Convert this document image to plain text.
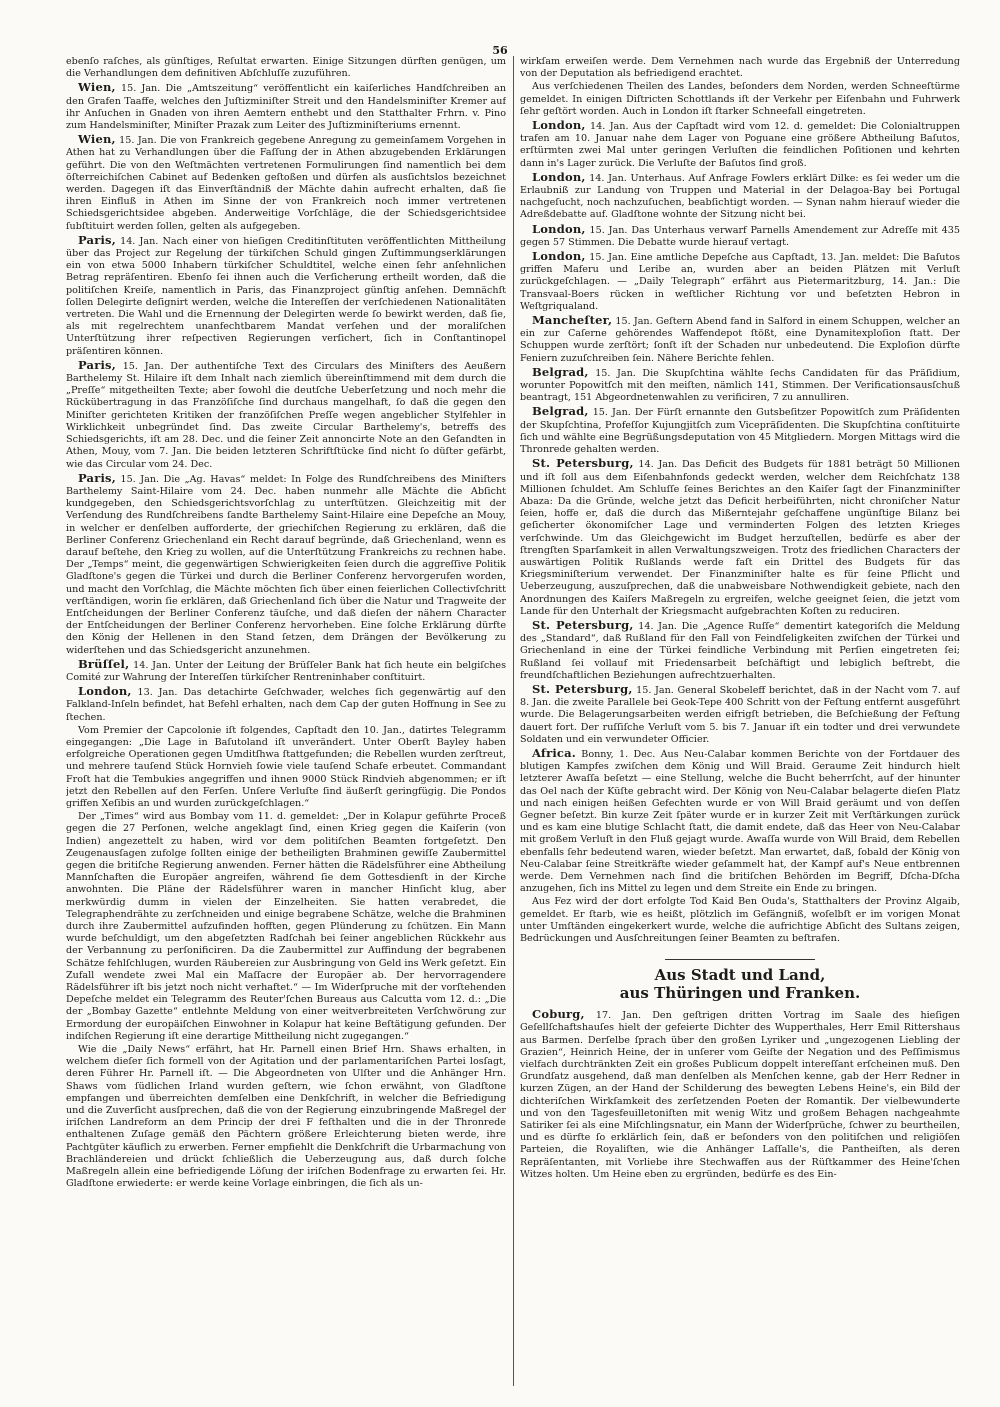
56

ebenſo raſches, als günſtiges, Reſultat erwarten. Einige Sitzungen dürften genügen, um die Verhandlungen dem definitiven Abſchluſſe zuzuführen.

Wien, 15. Jan. Die „Amtszeitung“ veröffentlicht ein kaiſerliches Handſchreiben an den Grafen Taaffe, welches den Juſtizminiſter Streit und den Handelsminiſter Kremer auf ihr Anſuchen in Gnaden von ihren Aemtern enthebt und den Statthalter Frhrn. v. Pino zum Handelsminiſter, Miniſter Prazak zum Leiter des Juſtizminiſteriums ernennt.

Wien, 15. Jan. Die von Frankreich gegebene Anregung zu gemeinſamem Vorgehen in Athen hat zu Verhandlungen über die Faſſung der in Athen abzugebenden Erklärungen geführt. Die von den Weſtmächten vertretenen Formulirungen ſind namentlich bei dem öſterreichiſchen Cabinet auf Bedenken geſtoßen und dürfen als ausſichtslos bezeichnet werden. Dagegen iſt das Einverſtändniß der Mächte dahin aufrecht erhalten, daß ſie ihren Einfluß in Athen im Sinne der von Frankreich noch immer vertretenen Schiedsgerichtsidee abgeben. Anderweitige Vorſchläge, die der Schiedsgerichtsidee ſubſtituirt werden ſollen, gelten als aufgegeben.

Paris, 14. Jan. Nach einer von hieſigen Creditinſtituten veröffentlichten Mittheilung über das Project zur Regelung der türkiſchen Schuld gingen Zuſtimmungserklärungen ein von etwa 5000 Inhabern türkiſcher Schuldtitel, welche einen ſehr anſehnlichen Betrag repräſentiren. Ebenſo ſei ihnen auch die Verſicherung ertheilt worden, daß die politiſchen Kreiſe, namentlich in Paris, das Finanzproject günſtig anſehen. Demnächſt ſollen Delegirte deſignirt werden, welche die Intereſſen der verſchiedenen Nationalitäten vertreten. Die Wahl und die Ernennung der Delegirten werde ſo bewirkt werden, daß ſie, als mit regelrechtem unanfechtbarem Mandat verſehen und der moraliſchen Unterſtützung ihrer reſpectiven Regierungen verſichert, ſich in Conſtantinopel präſentiren können.

Paris, 15. Jan. Der authentiſche Text des Circulars des Miniſters des Aeußern Barthelemy St. Hilaire iſt dem Inhalt nach ziemlich übereinſtimmend mit dem durch die „Preſſe“ mitgetheilten Texte; aber ſowohl die deutſche Ueberſetzung und noch mehr die Rückübertragung in das Franzöſiſche ſind durchaus mangelhaft, ſo daß die gegen den Miniſter gerichteten Kritiken der franzöſiſchen Preſſe wegen angeblicher Stylfehler in Wirklichkeit unbegründet ſind. Das zweite Circular Barthelemy's, betreffs des Schiedsgerichts, iſt am 28. Dec. und die ſeiner Zeit annoncirte Note an den Geſandten in Athen, Mouy, vom 7. Jan. Die beiden letzteren Schriftſtücke ſind nicht ſo düſter gefärbt, wie das Circular vom 24. Dec.

Paris, 15. Jan. Die „Ag. Havas“ meldet: In Folge des Rundſchreibens des Miniſters Barthelemy Saint-Hilaire vom 24. Dec. haben nunmehr alle Mächte die Abſicht kundgegeben, den Schiedsgerichtsvorſchlag zu unterſtützen. Gleichzeitig mit der Verſendung des Rundſchreibens ſandte Barthelemy Saint-Hilaire eine Depeſche an Mouy, in welcher er denſelben aufforderte, der griechiſchen Regierung zu erklären, daß die Berliner Conferenz Griechenland ein Recht darauf begründe, daß Griechenland, wenn es darauf beſtehe, den Krieg zu wollen, auf die Unterſtützung Frankreichs zu rechnen habe. Der „Temps“ meint, die gegenwärtigen Schwierigkeiten ſeien durch die aggreſſive Politik Gladſtone's gegen die Türkei und durch die Berliner Conferenz hervorgerufen worden, und macht den Vorſchlag, die Mächte möchten ſich über einen feierlichen Collectivſchritt verſtändigen, worin ſie erklären, daß Griechenland ſich über die Natur und Tragweite der Entſcheidungen der Berliner Conferenz täuſche, und daß dieſen der nähern Character der Entſcheidungen der Berliner Conferenz hervorheben. Eine ſolche Erklärung dürfte den König der Hellenen in den Stand ſetzen, dem Drängen der Bevölkerung zu widerſtehen und das Schiedsgericht anzunehmen.

Brüſſel, 14. Jan. Unter der Leitung der Brüſſeler Bank hat ſich heute ein belgiſches Comité zur Wahrung der Intereſſen türkiſcher Rentreninhaber conſtituirt.

London, 13. Jan. Das detachirte Geſchwader, welches ſich gegenwärtig auf den Falkland-Inſeln befindet, hat Befehl erhalten, nach dem Cap der guten Hoffnung in See zu ſtechen.

Vom Premier der Capcolonie iſt folgendes, Capſtadt den 10. Jan., datirtes Telegramm eingegangen: „Die Lage in Baſutoland iſt unverändert. Unter Oberſt Bayley haben erfolgreiche Operationen gegen Umditſhwa ſtattgefunden; die Rebellen wurden zerſtreut, und mehrere tauſend Stück Hornvieh ſowie viele tauſend Schafe erbeutet. Commandant Froſt hat die Tembukies angegriffen und ihnen 9000 Stück Rindvieh abgenommen; er iſt jetzt den Rebellen auf den Ferſen. Unſere Verluſte ſind äußerſt geringfügig. Die Pondos griffen Xeſibis an und wurden zurückgeſchlagen.“

Der „Times“ wird aus Bombay vom 11. d. gemeldet: „Der in Kolapur geführte Proceß gegen die 27 Perſonen, welche angeklagt ſind, einen Krieg gegen die Kaiſerin (von Indien) angezettelt zu haben, wird vor dem politiſchen Beamten fortgeſetzt. Den Zeugenausſagen zufolge ſollten einige der betheiligten Brahminen gewiſſe Zaubermittel gegen die britiſche Regierung anwenden. Ferner hätten die Rädelsführer eine Abtheilung Mannſchaften die Europäer angreifen, während ſie dem Gottesdienſt in der Kirche anwohnten. Die Pläne der Rädelsführer waren in mancher Hinſicht klug, aber merkwürdig dumm in vielen der Einzelheiten. Sie hatten verabredet, die Telegraphendrähte zu zerſchneiden und einige begrabene Schätze, welche die Brahminen durch ihre Zaubermittel aufzufinden hofften, gegen Plünderung zu ſchützen. Ein Mann wurde beſchuldigt, um den abgeſetzten Radſchah bei ſeiner angeblichen Rückkehr aus der Verbannung zu perſonificiren. Da die Zaubermittel zur Auffindung der begrabenen Schätze fehlſchlugen, wurden Räubereien zur Ausbringung von Geld ins Werk geſetzt. Ein Zufall wendete zwei Mal ein Maſſacre der Europäer ab. Der hervorragendere Rädelsführer iſt bis jetzt noch nicht verhaftet.“ — Im Widerſpruche mit der vorſtehenden Depeſche meldet ein Telegramm des Reuter'ſchen Bureaus aus Calcutta vom 12. d.: „Die der „Bombay Gazette“ entlehnte Meldung von einer weitverbreiteten Verſchwörung zur Ermordung der europäiſchen Einwohner in Kolapur hat keine Beſtätigung gefunden. Der indiſchen Regierung iſt eine derartige Mittheilung nicht zugegangen.“

Wie die „Daily News“ erfährt, hat Hr. Parnell einen Brief Hrn. Shaws erhalten, in welchem dieſer ſich formell von der Agitation und der parlamentariſchen Partei losſagt, deren Führer Hr. Parnell iſt. — Die Abgeordneten von Ulſter und die Anhänger Hrn. Shaws vom ſüdlichen Irland wurden geſtern, wie ſchon erwähnt, von Gladſtone empfangen und überreichten demſelben eine Denkſchrift, in welcher die Befriedigung und die Zuverſicht ausſprechen, daß die von der Regierung einzubringende Maßregel der iriſchen Landreform an dem Princip der drei F feſthalten und die in der Thronrede enthaltenen Zuſage gemäß den Pächtern größere Erleichterung bieten werde, ihre Pachtgüter käuflich zu erwerben. Ferner empfiehlt die Denkſchrift die Urbarmachung von Brachländereien und drückt ſchließlich die Ueberzeugung aus, daß durch ſolche Maßregeln allein eine befriedigende Löſung der iriſchen Bodenfrage zu erwarten ſei. Hr. Gladſtone erwiederte: er werde keine Vorlage einbringen, die ſich als un-

wirkſam erweiſen werde. Dem Vernehmen nach wurde das Ergebniß der Unterredung von der Deputation als befriedigend erachtet.

Aus verſchiedenen Theilen des Landes, beſonders dem Norden, werden Schneeſtürme gemeldet. In einigen Diſtricten Schottlands iſt der Verkehr per Eiſenbahn und Fuhrwerk ſehr geſtört worden. Auch in London iſt ſtarker Schneefall eingetreten.

London, 14. Jan. Aus der Capſtadt wird vom 12. d. gemeldet: Die Colonialtruppen trafen am 10. Januar nahe dem Lager von Poguane eine größere Abtheilung Baſutos, erſtürmten zwei Mal unter geringen Verluſten die feindlichen Poſitionen und kehrten dann in's Lager zurück. Die Verluſte der Baſutos ſind groß.

London, 14. Jan. Unterhaus. Auf Anfrage Fowlers erklärt Dilke: es ſei weder um die Erlaubniß zur Landung von Truppen und Material in der Delagoa-Bay bei Portugal nachgeſucht, noch nachzuſuchen, beabſichtigt worden. — Synan nahm hierauf wieder die Adreßdebatte auf. Gladſtone wohnte der Sitzung nicht bei.

London, 15. Jan. Das Unterhaus verwarf Parnells Amendement zur Adreſſe mit 435 gegen 57 Stimmen. Die Debatte wurde hierauf vertagt.

London, 15. Jan. Eine amtliche Depeſche aus Capſtadt, 13. Jan. meldet: Die Baſutos griffen Maferu und Leribe an, wurden aber an beiden Plätzen mit Verluſt zurückgeſchlagen. — „Daily Telegraph“ erfährt aus Pietermaritzburg, 14. Jan.: Die Transvaal-Boers rücken in weſtlicher Richtung vor und beſetzten Hebron in Weſtgriqualand.

Mancheſter, 15. Jan. Geſtern Abend fand in Salford in einem Schuppen, welcher an ein zur Caſerne gehörendes Waffendepot ſtößt, eine Dynamitexploſion ſtatt. Der Schuppen wurde zerſtört; ſonſt iſt der Schaden nur unbedeutend. Die Exploſion dürfte Feniern zuzuſchreiben ſein. Nähere Berichte fehlen.

Belgrad, 15. Jan. Die Skupſchtina wählte ſechs Candidaten für das Präſidium, worunter Popowitſch mit den meiſten, nämlich 141, Stimmen. Der Verificationsausſchuß beantragt, 151 Abgeordnetenwahlen zu verificiren, 7 zu annulliren.

Belgrad, 15. Jan. Der Fürſt ernannte den Gutsbeſitzer Popowitſch zum Präſidenten der Skupſchtina, Profeſſor Kujungjitſch zum Vicepräſidenten. Die Skupſchtina conſtituirte ſich und wählte eine Begrüßungsdeputation von 45 Mitgliedern. Morgen Mittags wird die Thronrede gehalten werden.

St. Petersburg, 14. Jan. Das Deficit des Budgets für 1881 beträgt 50 Millionen und iſt ſoll aus dem Eiſenbahnfonds gedeckt werden, welcher dem Reichſchatz 138 Millionen ſchuldet. Am Schluſſe ſeines Berichtes an den Kaiſer ſagt der Finanzminiſter Abaza: Da die Gründe, welche jetzt das Deficit herbeiführten, nicht chroniſcher Natur ſeien, hoffe er, daß die durch das Mißerntejahr geſchaffene ungünſtige Bilanz bei geſicherter ökonomiſcher Lage und verminderten Folgen des letzten Krieges verſchwinde. Um das Gleichgewicht im Budget herzuſtellen, bedürfe es aber der ſtrengſten Sparſamkeit in allen Verwaltungszweigen. Trotz des friedlichen Characters der auswärtigen Politik Rußlands werde faſt ein Drittel des Budgets für das Kriegsminiſterium verwendet. Der Finanzminiſter halte es für ſeine Pflicht und Ueberzeugung, auszuſprechen, daß die unabweisbare Nothwendigkeit gebiete, nach den Anordnungen des Kaiſers Maßregeln zu ergreifen, welche geeignet ſeien, die jetzt vom Lande für den Unterhalt der Kriegsmacht aufgebrachten Koſten zu reduciren.

St. Petersburg, 14. Jan. Die „Agence Ruſſe“ dementirt kategoriſch die Meldung des „Standard“, daß Rußland für den Fall von Feindſeligkeiten zwiſchen der Türkei und Griechenland in eine der Türkei feindliche Verbindung mit Perſien eingetreten ſei; Rußland ſei vollauf mit Friedensarbeit beſchäftigt und lebiglich beſtrebt, die freundſchaftlichen Beziehungen aufrechtzuerhalten.

St. Petersburg, 15. Jan. General Skobeleff berichtet, daß in der Nacht vom 7. auf 8. Jan. die zweite Parallele bei Geok-Tepe 400 Schritt von der Feſtung entfernt ausgeführt wurde. Die Belagerungsarbeiten werden eifrigſt betrieben, die Beſchießung der Feſtung dauert fort. Der ruſſiſche Verluſt vom 5. bis 7. Januar iſt ein todter und drei verwundete Soldaten und ein verwundeter Officier.

Africa. Bonny, 1. Dec. Aus Neu-Calabar kommen Berichte von der Fortdauer des blutigen Kampfes zwiſchen dem König und Will Braid. Geraume Zeit hindurch hielt letzterer Awaſſa beſetzt — eine Stellung, welche die Bucht beherrſcht, auf der hinunter das Oel nach der Küſte gebracht wird. Der König von Neu-Calabar belagerte dieſen Platz und nach einigen heißen Gefechten wurde er von Will Braid geräumt und von deſſen Gegner beſetzt. Bin kurze Zeit ſpäter wurde er in kurzer Zeit mit Verſtärkungen zurück und es kam eine blutige Schlacht ſtatt, die damit endete, daß das Heer von Neu-Calabar mit großem Verluſt in den Fluß gejagt wurde. Awaſſa wurde von Will Braid, dem Rebellen ebenfalls ſehr bedeutend waren, wieder beſetzt. Man erwartet, daß, ſobald der König von Neu-Calabar ſeine Streitkräfte wieder geſammelt hat, der Kampf auf's Neue entbrennen werde. Dem Vernehmen nach ſind die britiſchen Behörden im Begriff, Dſcha-Dſcha anzugehen, ſich ins Mittel zu legen und dem Streite ein Ende zu bringen.

Aus Fez wird der dort erfolgte Tod Kaid Ben Ouda's, Statthalters der Provinz Algaib, gemeldet. Er ſtarb, wie es heißt, plötzlich im Gefängniß, woſelbſt er im vorigen Monat unter Umſtänden eingekerkert wurde, welche die aufrichtige Abſicht des Sultans zeigen, Bedrückungen und Ausſchreitungen ſeiner Beamten zu beſtrafen.

Aus Stadt und Land,
aus Thüringen und Franken.

Coburg, 17. Jan. Den geſtrigen dritten Vortrag im Saale des hieſigen Geſellſchaftshauſes hielt der gefeierte Dichter des Wupperthales, Herr Emil Rittershaus aus Barmen. Derſelbe ſprach über den großen Lyriker und „ungezogenen Liebling der Grazien“, Heinrich Heine, der in unſerer vom Geiſte der Negation und des Peſſimismus vielfach durchtränkten Zeit ein großes Publicum doppelt intereſſant erſcheinen muß. Den Grundſatz ausgehend, daß man denſelben als Menſchen kenne, gab der Herr Redner in kurzen Zügen, an der Hand der Schilderung des bewegten Lebens Heine's, ein Bild der dichteriſchen Wirkſamkeit des zerſetzenden Poeten der Romantik. Der vielbewunderte und von den Tagesfeuilletoniſten mit wenig Witz und großem Behagen nachgeahmte Satiriker ſei als eine Miſchlingsnatur, ein Mann der Widerſprüche, ſchwer zu beurtheilen, und es dürfte ſo erklärlich ſein, daß er beſonders von den politiſchen und religiöſen Parteien, die Royaliſten, wie die Anhänger Laſſalle's, die Pantheiſten, als deren Repräſentanten, mit Vorliebe ihre Stechwaffen aus der Rüſtkammer des Heine'ſchen Witzes holten. Um Heine eben zu ergründen, bedürfe es des Ein-
